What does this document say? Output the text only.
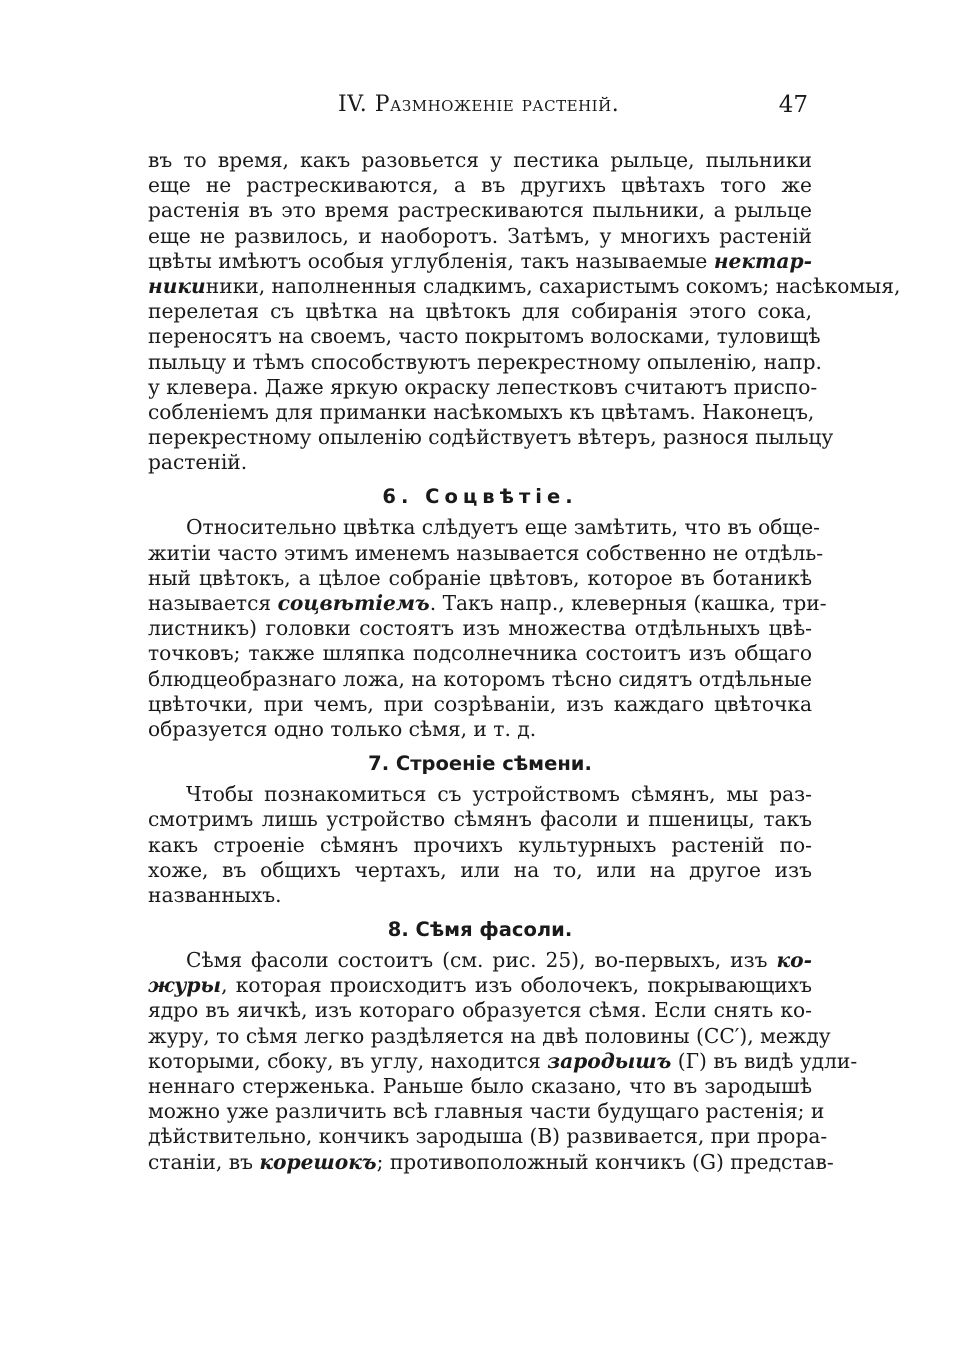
IV. Размноженіе растеній.	47
въ то время, какъ разовьется у пестика рыльце, пыльники
еще не растрескиваются, а въ другихъ цвѣтахъ того же
растенія въ это время растрескиваются пыльники, а рыльце
еще не развилось, и наоборотъ. Затѣмъ, у многихъ растеній
цвѣты имѣютъ особыя углубленія, такъ называемые нектар-
никиники, наполненныя сладкимъ, сахаристымъ сокомъ; насѣкомыя,
перелетая съ цвѣтка на цвѣтокъ для собиранія этого сока,
переносятъ на своемъ, часто покрытомъ волосками, туловищѣ
пыльцу и тѣмъ способствуютъ перекрестному опыленію, напр.
у клевера. Даже яркую окраску лепестковъ считаютъ приспо-
собленіемъ для приманки насѣкомыхъ къ цвѣтамъ. Наконецъ,
перекрестному опыленію содѣйствуетъ вѣтеръ, разнося пыльцу
растеній.
6. Соцвѣтіе.
Относительно цвѣтка слѣдуетъ еще замѣтить, что въ обще-
житіи часто этимъ именемъ называется собственно не отдѣль-
ный цвѣтокъ, а цѣлое собраніе цвѣтовъ, которое въ ботаникѣ
называется соцвѣтіемъ. Такъ напр., клеверныя (кашка, три-
листникъ) головки состоятъ изъ множества отдѣльныхъ цвѣ-
точковъ; также шляпка подсолнечника состоитъ изъ общаго
блюдцеобразнаго ложа, на которомъ тѣсно сидятъ отдѣльные
цвѣточки, при чемъ, при созрѣваніи, изъ каждаго цвѣточка
образуется одно только сѣмя, и т. д.
7. Строеніе сѣмени.
Чтобы познакомиться съ устройствомъ сѣмянъ, мы раз-
смотримъ лишь устройство сѣмянъ фасоли и пшеницы, такъ
какъ строеніе сѣмянъ прочихъ культурныхъ растеній по-
хоже, въ общихъ чертахъ, или на то, или на другое изъ
названныхъ.
8. Сѣмя фасоли.
Сѣмя фасоли состоитъ (см. рис. 25), во-первыхъ, изъ ко-
журы, которая происходитъ изъ оболочекъ, покрывающихъ
ядро въ яичкѣ, изъ котораго образуется сѣмя. Если снять ко-
журу, то сѣмя легко раздѣляется на двѣ половины (СС′), между
которыми, сбоку, въ углу, находится зародышъ (Г) въ видѣ удли-
неннаго стерженька. Раньше было сказано, что въ зародышѣ
можно уже различить всѣ главныя части будущаго растенія; и
дѣйствительно, кончикъ зародыша (В) развивается, при прора-
станіи, въ корешокъ; противоположный кончикъ (G) представ-
